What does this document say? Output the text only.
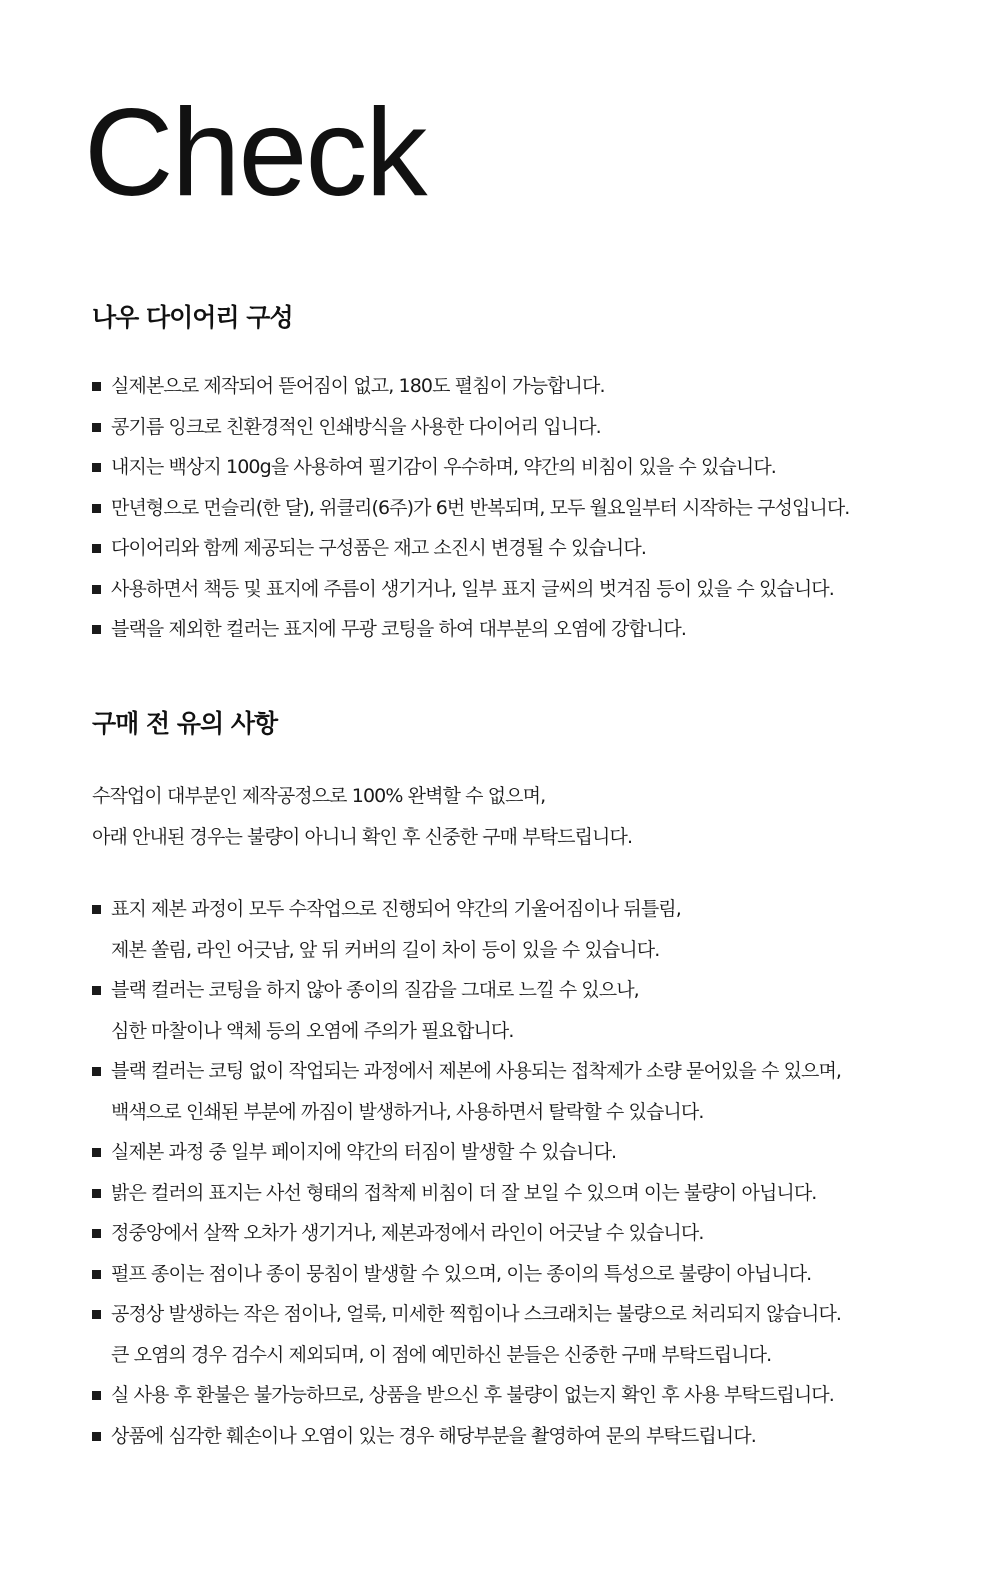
Check
나우 다이어리 구성
실제본으로 제작되어 뜯어짐이 없고, 180도 펼침이 가능합니다.
콩기름 잉크로 친환경적인 인쇄방식을 사용한 다이어리 입니다.
내지는 백상지 100g을 사용하여 필기감이 우수하며, 약간의 비침이 있을 수 있습니다.
만년형으로 먼슬리(한 달), 위클리(6주)가 6번 반복되며, 모두 월요일부터 시작하는 구성입니다.
다이어리와 함께 제공되는 구성품은 재고 소진시 변경될 수 있습니다.
사용하면서 책등 및 표지에 주름이 생기거나, 일부 표지 글씨의 벗겨짐 등이 있을 수 있습니다.
블랙을 제외한 컬러는 표지에 무광 코팅을 하여 대부분의 오염에 강합니다.
구매 전 유의 사항

수작업이 대부분인 제작공정으로 100% 완벽할 수 없으며,

아래 안내된 경우는 불량이 아니니 확인 후 신중한 구매 부탁드립니다.

표지 제본 과정이 모두 수작업으로 진행되어 약간의 기울어짐이나 뒤틀림,
제본 쏠림, 라인 어긋남, 앞 뒤 커버의 길이 차이 등이 있을 수 있습니다.
블랙 컬러는 코팅을 하지 않아 종이의 질감을 그대로 느낄 수 있으나,
심한 마찰이나 액체 등의 오염에 주의가 필요합니다.
블랙 컬러는 코팅 없이 작업되는 과정에서 제본에 사용되는 접착제가 소량 묻어있을 수 있으며,
백색으로 인쇄된 부분에 까짐이 발생하거나, 사용하면서 탈락할 수 있습니다.
실제본 과정 중 일부 페이지에 약간의 터짐이 발생할 수 있습니다.
밝은 컬러의 표지는 사선 형태의 접착제 비침이 더 잘 보일 수 있으며 이는 불량이 아닙니다.
정중앙에서 살짝 오차가 생기거나, 제본과정에서 라인이 어긋날 수 있습니다.
펄프 종이는 점이나 종이 뭉침이 발생할 수 있으며, 이는 종이의 특성으로 불량이 아닙니다.
공정상 발생하는 작은 점이나, 얼룩, 미세한 찍힘이나 스크래치는 불량으로 처리되지 않습니다.
큰 오염의 경우 검수시 제외되며, 이 점에 예민하신 분들은 신중한 구매 부탁드립니다.
실 사용 후 환불은 불가능하므로, 상품을 받으신 후 불량이 없는지 확인 후 사용 부탁드립니다.
상품에 심각한 훼손이나 오염이 있는 경우 해당부분을 촬영하여 문의 부탁드립니다.
